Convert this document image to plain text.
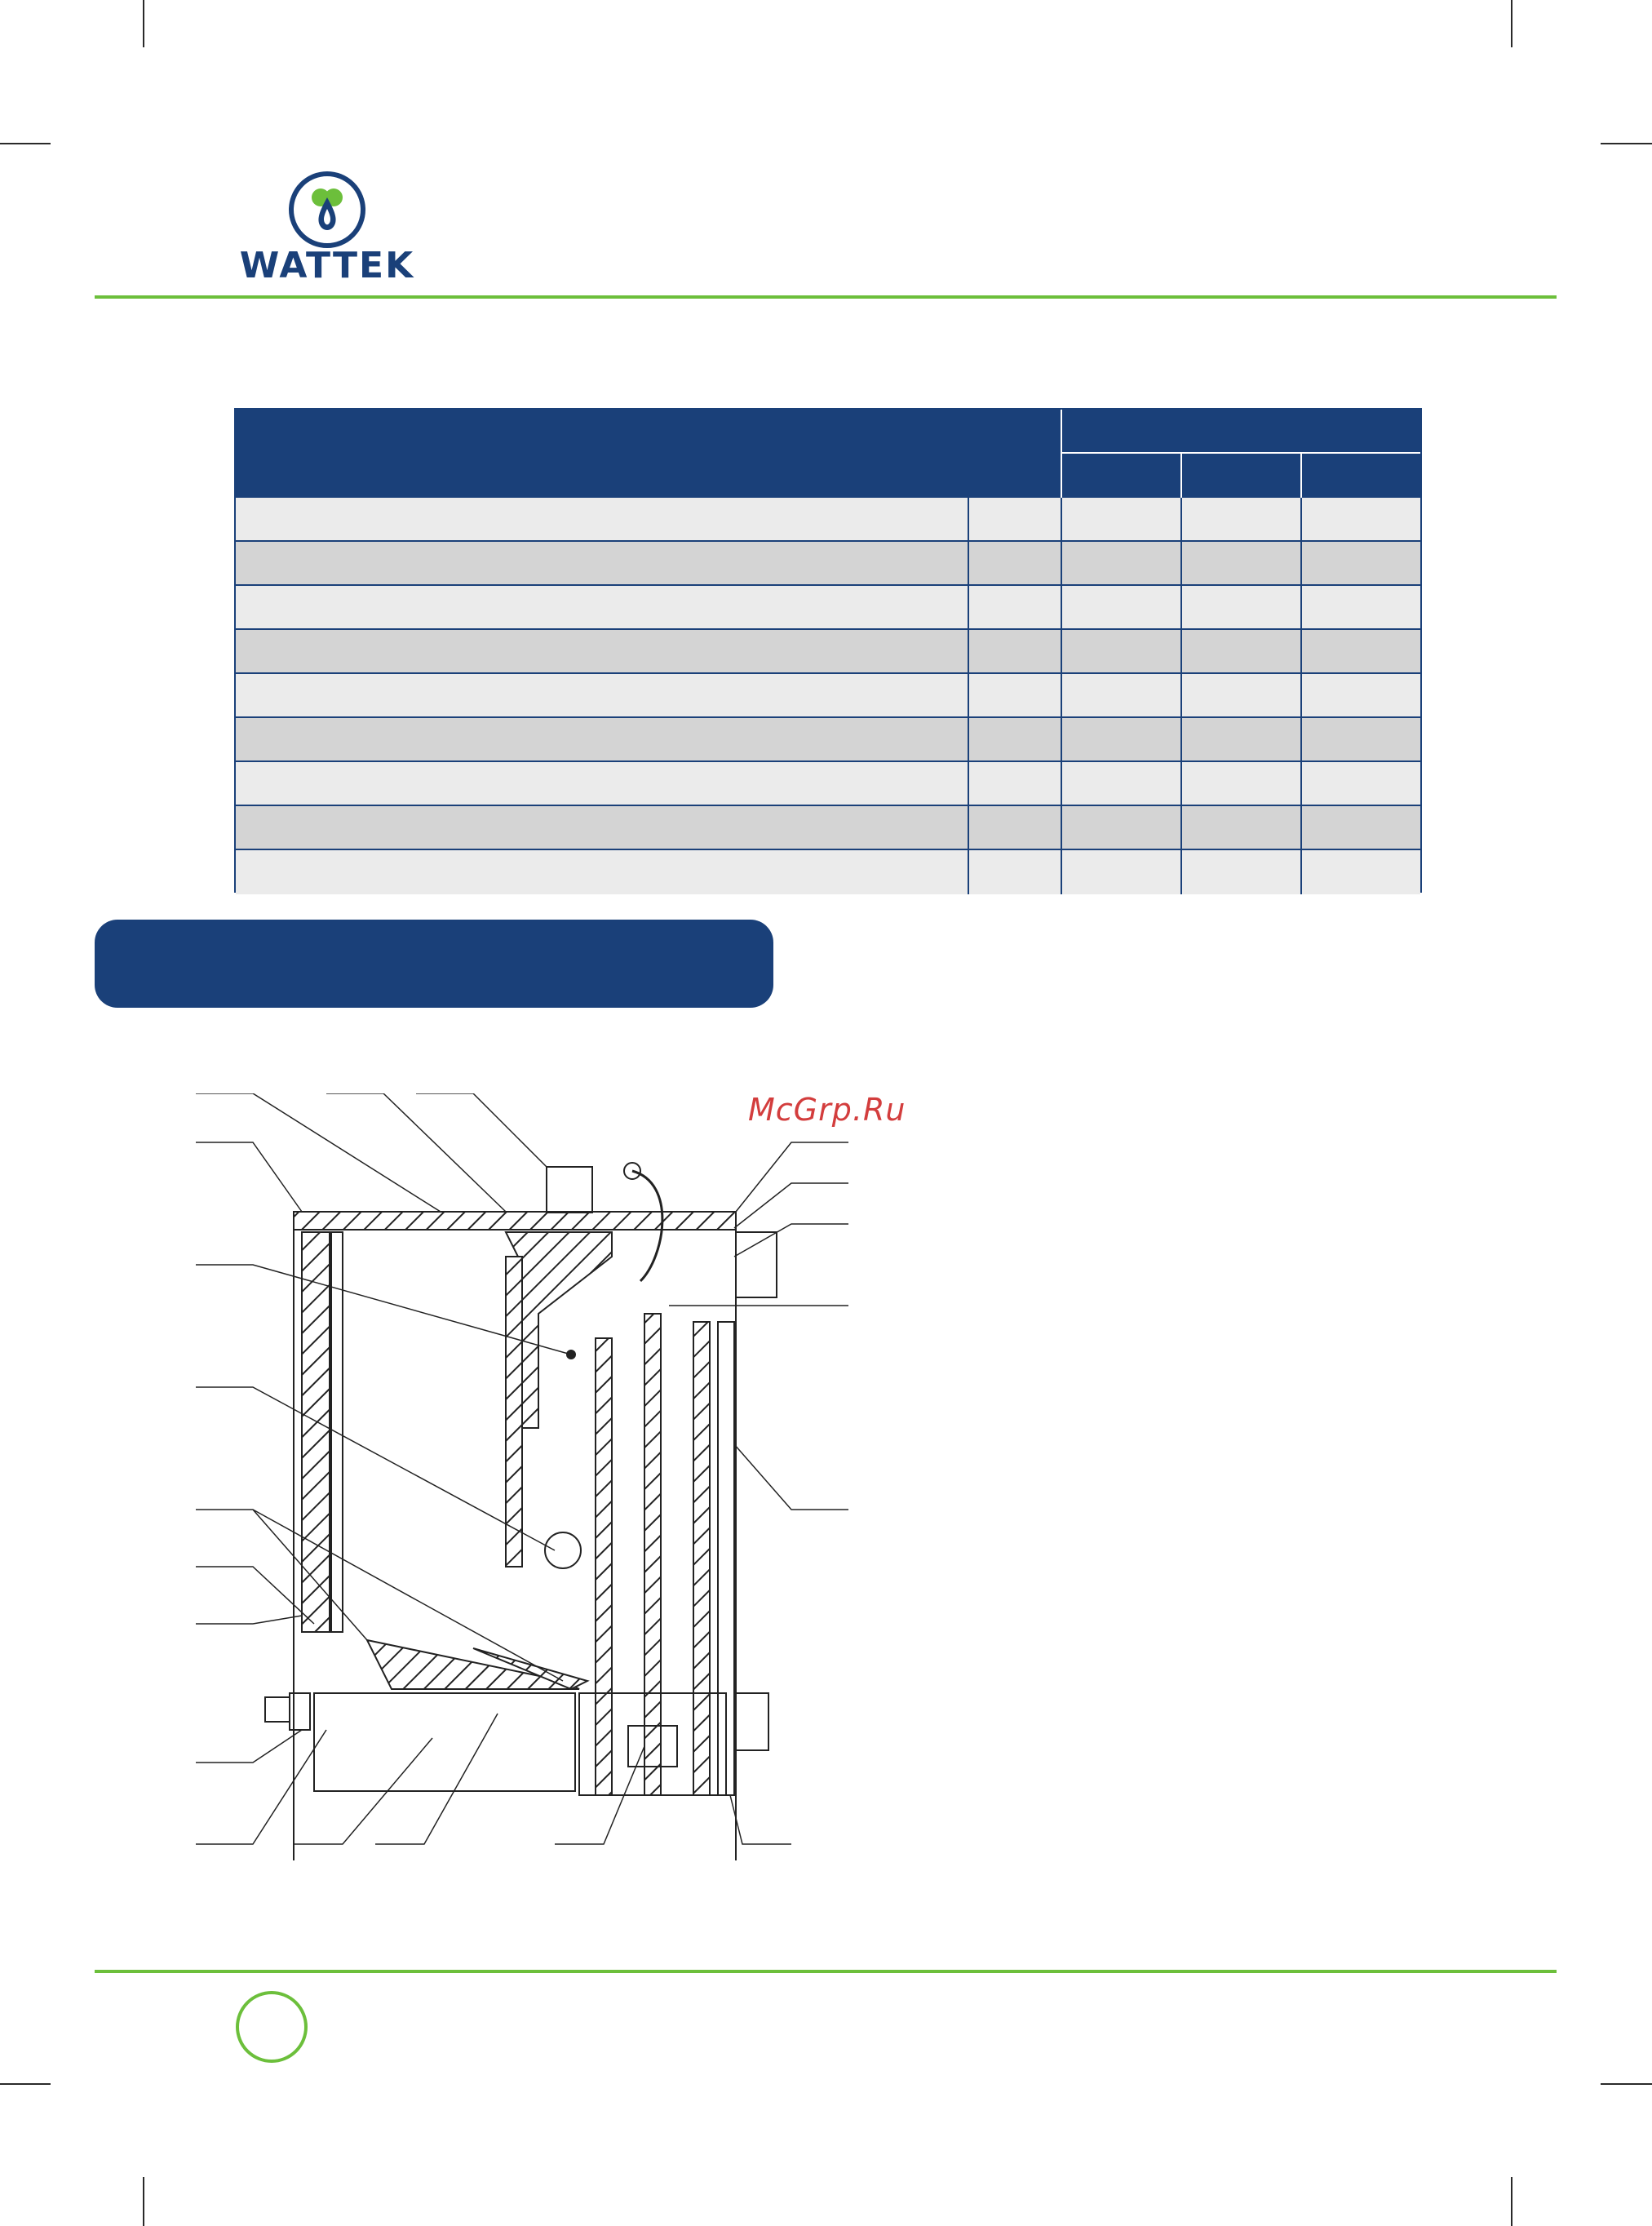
WATTEK
McGrp.Ru
